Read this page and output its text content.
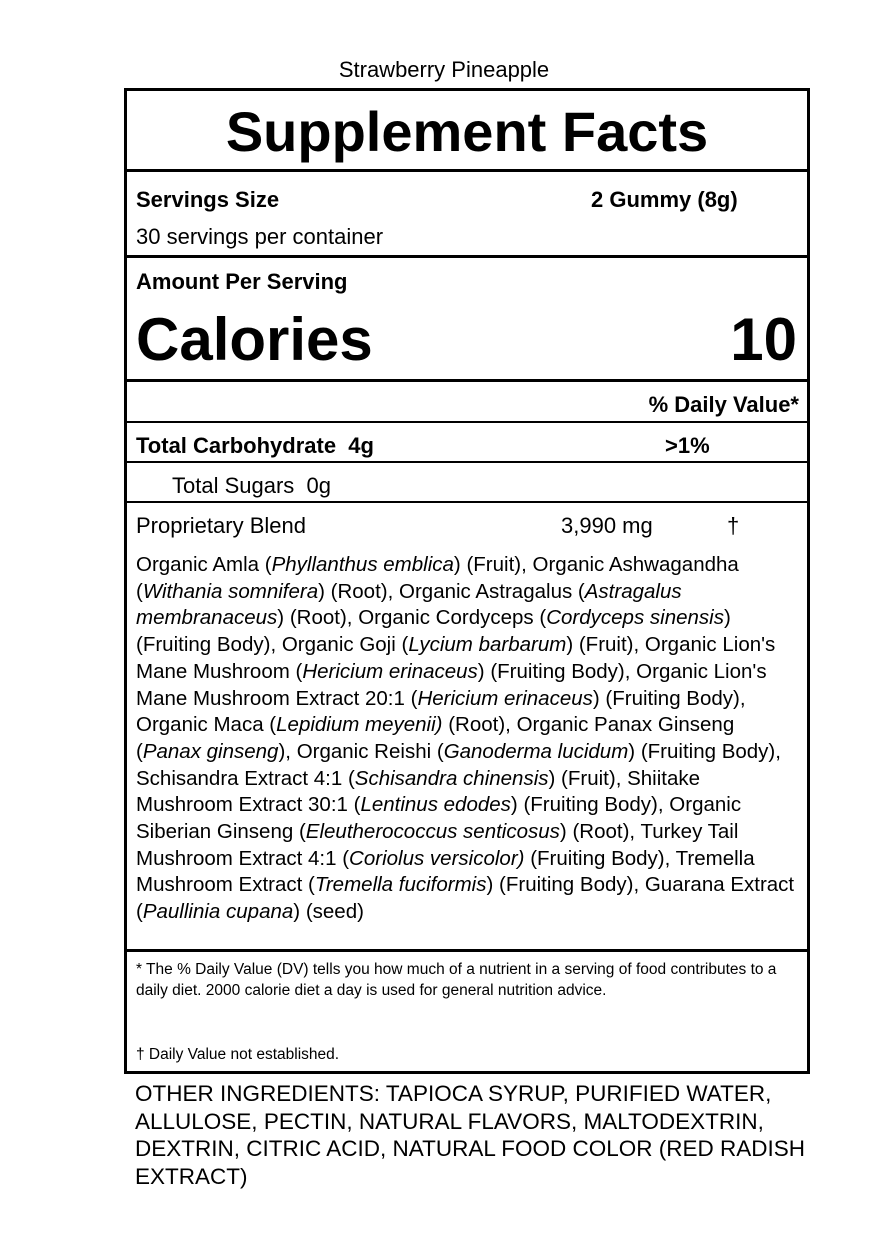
Strawberry Pineapple
Supplement Facts
Servings Size	2 Gummy (8g)
30 servings per container
Amount Per Serving
Calories	10
% Daily Value*
Total Carbohydrate 4g	>1%
Total Sugars 0g
Proprietary Blend	3,990 mg	†
Organic Amla (Phyllanthus emblica) (Fruit), Organic Ashwagandha (Withania somnifera) (Root), Organic Astragalus (Astragalus membranaceus) (Root), Organic Cordyceps (Cordyceps sinensis) (Fruiting Body), Organic Goji (Lycium barbarum) (Fruit), Organic Lion's Mane Mushroom (Hericium erinaceus) (Fruiting Body), Organic Lion's Mane Mushroom Extract 20:1 (Hericium erinaceus) (Fruiting Body), Organic Maca (Lepidium meyenii) (Root), Organic Panax Ginseng (Panax ginseng), Organic Reishi (Ganoderma lucidum) (Fruiting Body), Schisandra Extract 4:1 (Schisandra chinensis) (Fruit), Shiitake Mushroom Extract 30:1 (Lentinus edodes) (Fruiting Body), Organic Siberian Ginseng (Eleutherococcus senticosus) (Root), Turkey Tail Mushroom Extract 4:1 (Coriolus versicolor) (Fruiting Body), Tremella Mushroom Extract (Tremella fuciformis) (Fruiting Body), Guarana Extract (Paullinia cupana) (seed)
* The % Daily Value (DV) tells you how much of a nutrient in a serving of food contributes to a daily diet. 2000 calorie diet a day is used for general nutrition advice.
† Daily Value not established.
OTHER INGREDIENTS: TAPIOCA SYRUP, PURIFIED WATER, ALLULOSE, PECTIN, NATURAL FLAVORS, MALTODEXTRIN, DEXTRIN, CITRIC ACID, NATURAL FOOD COLOR (RED RADISH EXTRACT)
